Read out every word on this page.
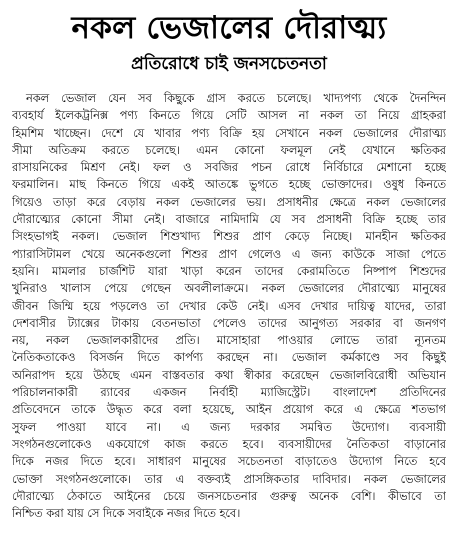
নকল ভেজালের দৌরাত্ম্য
প্রতিরোধে চাই জনসচেতনতা
নকল ভেজাল যেন সব কিছুকে গ্রাস করতে চলেছে। খাদ্যপণ্য থেকে দৈনন্দিন
ব্যবহার্য ইলেকট্রনিক্স পণ্য কিনতে গিয়ে সেটি আসল না নকল তা নিয়ে গ্রাহকরা
হিমশিম খাচ্ছেন। দেশে যে খাবার পণ্য বিক্রি হয় সেখানে নকল ভেজালের দৌরাত্ম্য
সীমা অতিক্রম করতে চলেছে। এমন কোনো ফলমূল নেই যেখানে ক্ষতিকর
রাসায়নিকের মিশ্রণ নেই। ফল ও সবজির পচন রোধে নির্বিচারে মেশানো হচ্ছে
ফরমালিন। মাছ কিনতে গিয়ে একই আতঙ্কে ভুগতে হচ্ছে ভোক্তাদের। ওষুধ কিনতে
গিয়েও তাড়া করে বেড়ায় নকল ভেজালের ভয়। প্রসাধনীর ক্ষেত্রে নকল ভেজালের
দৌরাত্ম্যের কোনো সীমা নেই। বাজারে নামিদামি যে সব প্রসাধনী বিক্রি হচ্ছে তার
সিংহভাগই নকল। ভেজাল শিশুখাদ্য শিশুর প্রাণ কেড়ে নিচ্ছে। মানহীন ক্ষতিকর
প্যারাসিটামল খেয়ে অনেকগুলো শিশুর প্রাণ গেলেও এ জন্য কাউকে সাজা পেতে
হয়নি। মামলার চার্জশিট যারা খাড়া করেন তাদের কেরামতিতে নিষ্পাপ শিশুদের
খুনিরাও খালাস পেয়ে গেছেন অবলীলাক্রমে। নকল ভেজালের দৌরাত্ম্যে মানুষের
জীবন জিম্মি হয়ে পড়লেও তা দেখার কেউ নেই। এসব দেখার দায়িত্ব যাদের, তারা
দেশবাসীর ট্যাক্সের টাকায় বেতনভাতা পেলেও তাদের আনুগত্য সরকার বা জনগণ
নয়, নকল ভেজালকারীদের প্রতি। মাসোহারা পাওয়ার লোভে তারা ন্যূনতম
নৈতিকতাকেও বিসর্জন দিতে কার্পণ্য করছেন না। ভেজাল কর্মকাণ্ডে সব কিছুই
অনিরাপদ হয়ে উঠছে এমন বাস্তবতার কথা স্বীকার করেছেন ভেজালবিরোধী অভিযান
পরিচালনাকারী র‍্যাবের একজন নির্বাহী ম্যাজিস্ট্রেট। বাংলাদেশ প্রতিদিনের
প্রতিবেদনে তাকে উদ্ধৃত করে বলা হয়েছে, আইন প্রয়োগ করে এ ক্ষেত্রে শতভাগ
সুফল পাওয়া যাবে না। এ জন্য দরকার সমন্বিত উদ্যোগ। ব্যবসায়ী
সংগঠনগুলোকেও একযোগে কাজ করতে হবে। ব্যবসায়ীদের নৈতিকতা বাড়ানোর
দিকে নজর দিতে হবে। সাধারণ মানুষের সচেতনতা বাড়াতেও উদ্যোগ নিতে হবে
ভোক্তা সংগঠনগুলোকে। তার এ বক্তব্যই প্রাসঙ্গিকতার দাবিদার। নকল ভেজালের
দৌরাত্ম্যে ঠেকাতে আইনের চেয়ে জনসচেতনার গুরুত্ব অনেক বেশি। কীভাবে তা
নিশ্চিত করা যায় সে দিকে সবাইকে নজর দিতে হবে।
